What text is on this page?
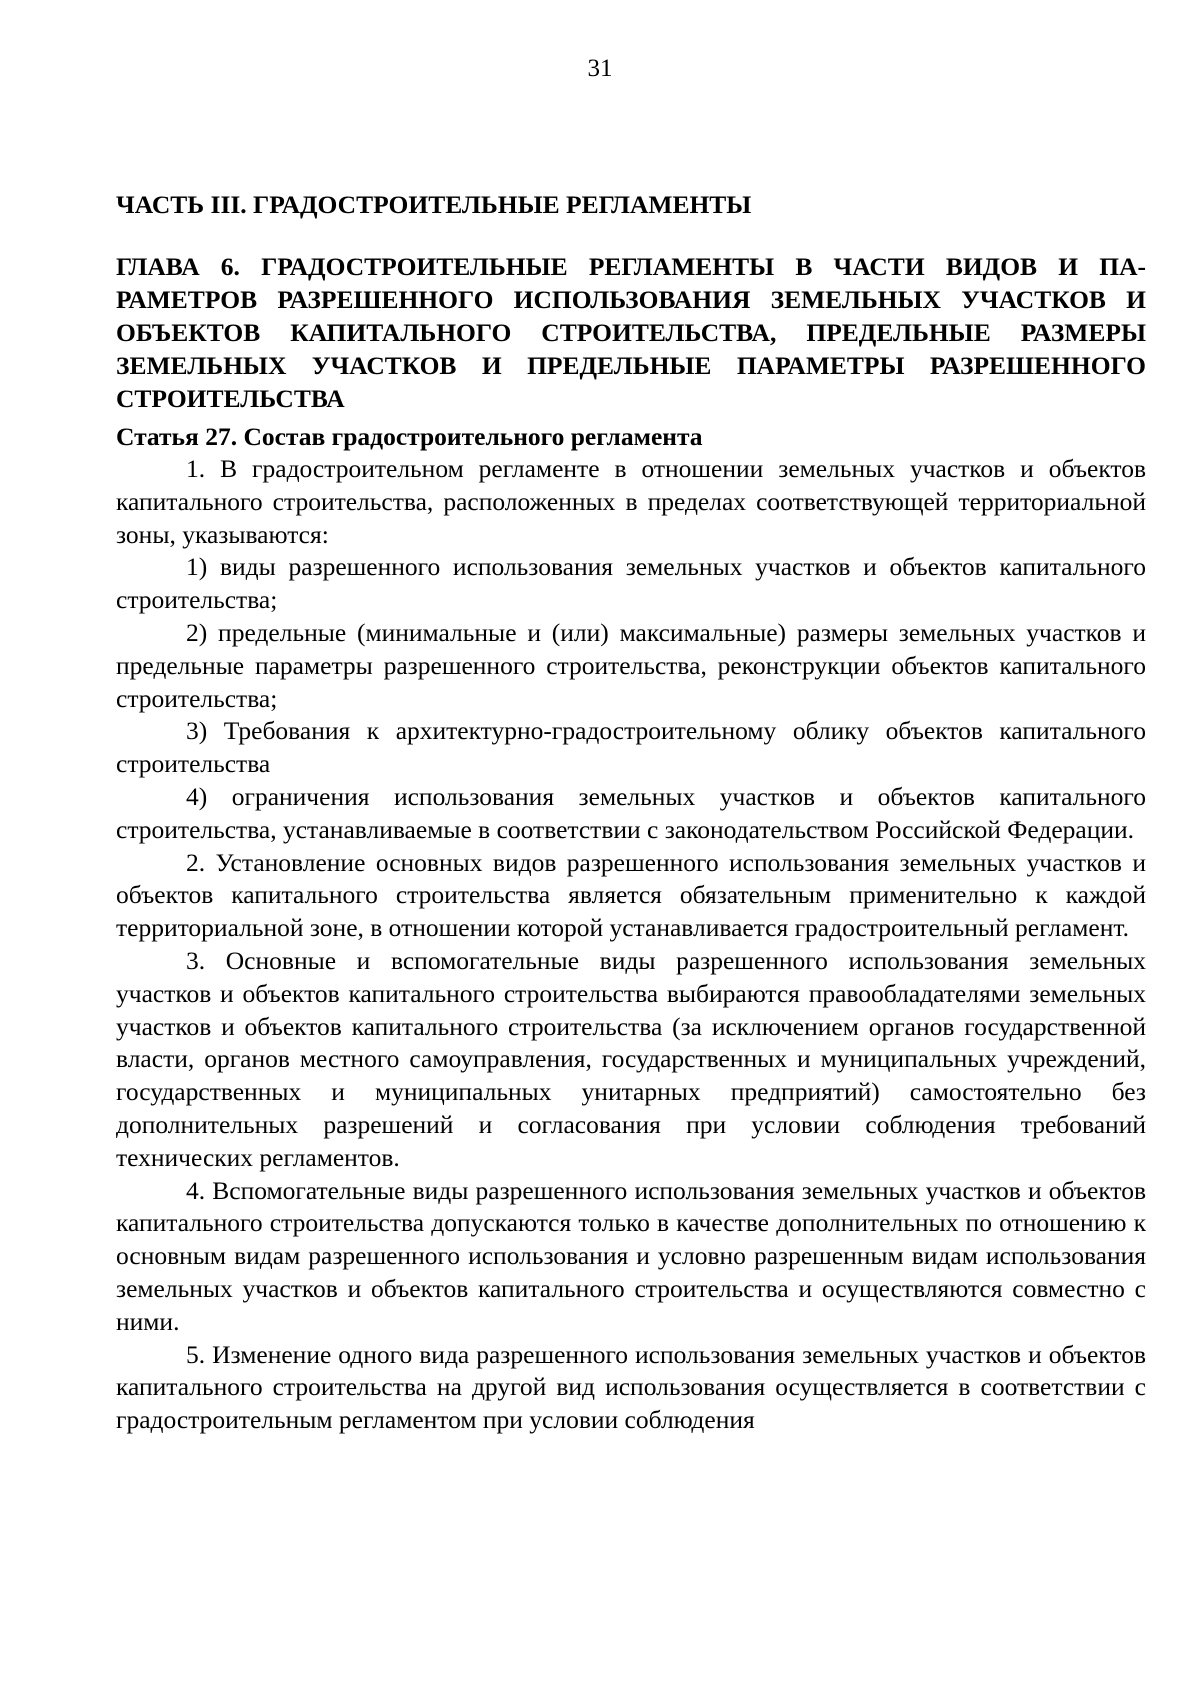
31
ЧАСТЬ III. ГРАДОСТРОИТЕЛЬНЫЕ РЕГЛАМЕНТЫ
ГЛАВА 6. ГРАДОСТРОИТЕЛЬНЫЕ РЕГЛАМЕНТЫ В ЧАСТИ ВИДОВ И ПАРАМЕТРОВ РАЗРЕШЕННОГО ИСПОЛЬЗОВАНИЯ ЗЕМЕЛЬНЫХ УЧАСТКОВ И ОБЪЕКТОВ КАПИТАЛЬНОГО СТРОИТЕЛЬСТВА, ПРЕДЕЛЬНЫЕ РАЗМЕРЫ ЗЕМЕЛЬНЫХ УЧАСТКОВ И ПРЕДЕЛЬНЫЕ ПАРАМЕТРЫ РАЗРЕШЕННОГО СТРОИТЕЛЬСТВА
Статья 27. Состав градостроительного регламента

1. В градостроительном регламенте в отношении земельных участков и объектов капитального строительства, расположенных в пределах соответствующей территориальной зоны, указываются:

1) виды разрешенного использования земельных участков и объектов капитального строительства;

2) предельные (минимальные и (или) максимальные) размеры земельных участков и предельные параметры разрешенного строительства, реконструкции объектов капитального строительства;

3) Требования к архитектурно-градостроительному облику объектов капитального строительства

4) ограничения использования земельных участков и объектов капитального строительства, устанавливаемые в соответствии с законодательством Российской Федерации.

2. Установление основных видов разрешенного использования земельных участков и объектов капитального строительства является обязательным применительно к каждой территориальной зоне, в отношении которой устанавливается градостроительный регламент.

3. Основные и вспомогательные виды разрешенного использования земельных участков и объектов капитального строительства выбираются правообладателями земельных участков и объектов капитального строительства (за исключением органов государственной власти, органов местного самоуправления, государственных и муниципальных учреждений, государственных и муниципальных унитарных предприятий) самостоятельно без дополнительных разрешений и согласования при условии соблюдения требований технических регламентов.

4. Вспомогательные виды разрешенного использования земельных участков и объектов капитального строительства допускаются только в качестве дополнительных по отношению к основным видам разрешенного использования и условно разрешенным видам использования земельных участков и объектов капитального строительства и осуществляются совместно с ними.

5. Изменение одного вида разрешенного использования земельных участков и объектов капитального строительства на другой вид использования осуществляется в соответствии с градостроительным регламентом при условии соблюдения
